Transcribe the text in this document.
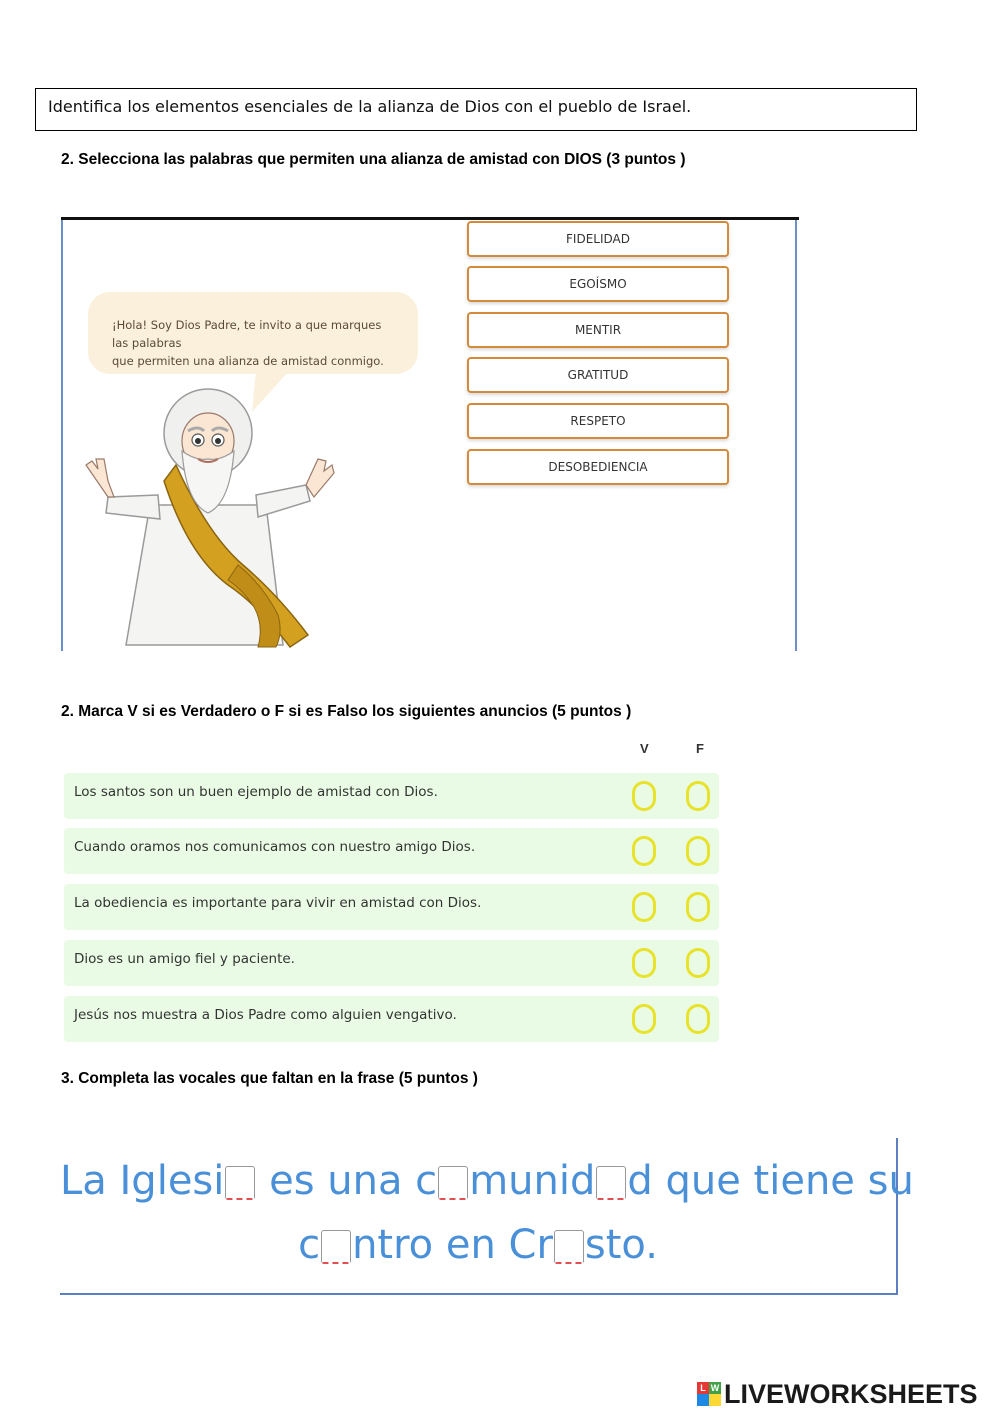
Identifica los elementos esenciales de la alianza de Dios con el pueblo de Israel.
2. Selecciona las palabras que permiten una alianza de amistad con DIOS (3 puntos )
¡Hola! Soy Dios Padre, te invito a que marques las palabras
que permiten una alianza de amistad conmigo.
FIDELIDAD
EGOÍSMO
MENTIR
GRATITUD
RESPETO
DESOBEDIENCIA
2. Marca V si es Verdadero o F si es Falso los siguientes anuncios (5 puntos )
V	F
Los santos son un buen ejemplo de amistad con Dios.
Cuando oramos nos comunicamos con nuestro amigo Dios.
La obediencia es importante para vivir en amistad con Dios.
Dios es un amigo fiel y paciente.
Jesús nos muestra a Dios Padre como alguien vengativo.
3. Completa las vocales que faltan en la frase (5 puntos )
La Iglesi es una c munid d que tiene su
c ntro en Cr sto.
L W LIVEWORKSHEETS
